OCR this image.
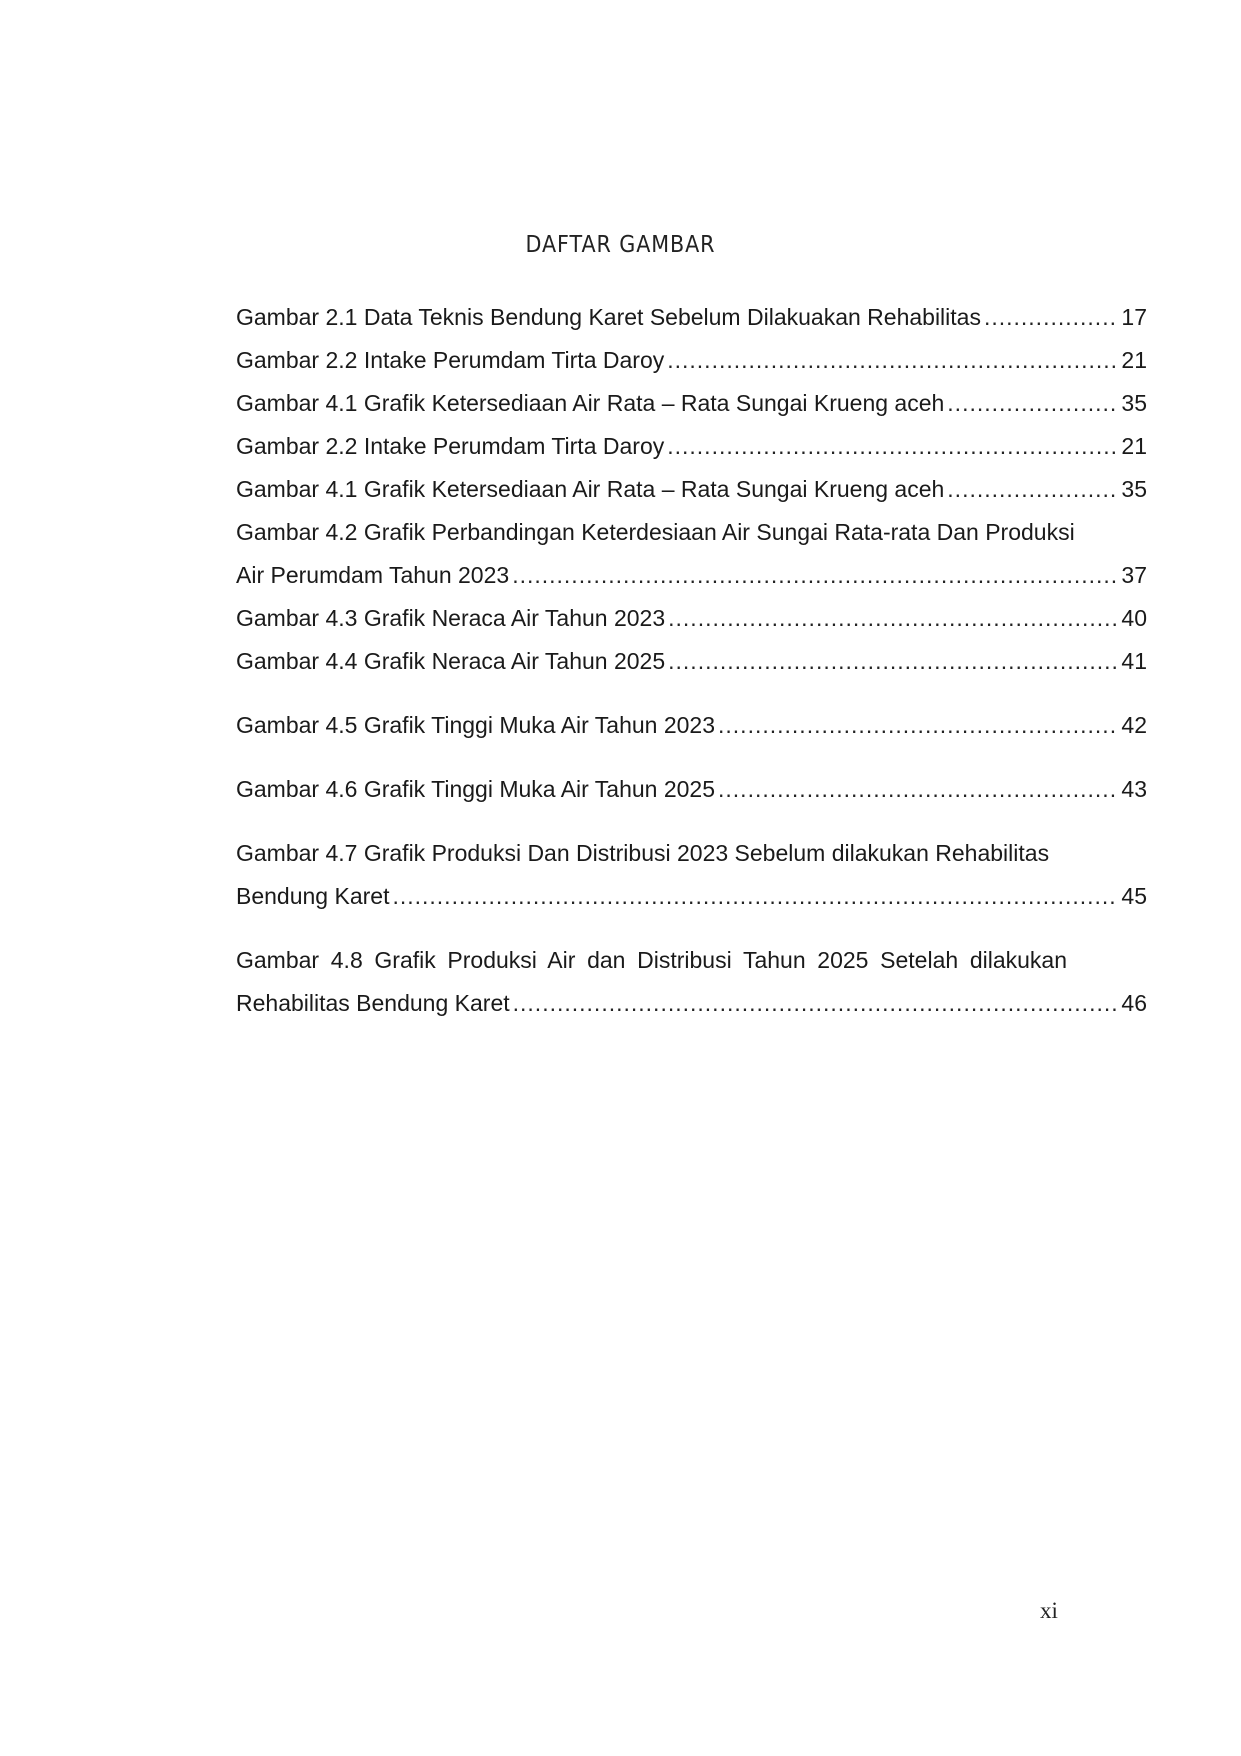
DAFTAR GAMBAR
Gambar 2.1 Data Teknis Bendung Karet Sebelum Dilakuakan Rehabilitas .....	17
Gambar 2.2 Intake Perumdam Tirta Daroy .....	21
Gambar 4.1 Grafik Ketersediaan Air Rata – Rata Sungai Krueng aceh .....	35
Gambar 2.2 Intake Perumdam Tirta Daroy .....	21
Gambar 4.1 Grafik Ketersediaan Air Rata – Rata Sungai Krueng aceh .....	35
Gambar 4.2 Grafik Perbandingan Keterdesiaan Air Sungai Rata-rata Dan Produksi
Air Perumdam Tahun 2023 .....	37
Gambar 4.3 Grafik Neraca Air Tahun 2023 .....	40
Gambar 4.4 Grafik Neraca Air Tahun 2025 .....	41
Gambar 4.5 Grafik Tinggi Muka Air Tahun 2023 .....	42
Gambar 4.6 Grafik Tinggi Muka Air Tahun 2025 .....	43
Gambar 4.7 Grafik Produksi Dan Distribusi 2023 Sebelum dilakukan Rehabilitas
Bendung Karet .....	45
Gambar 4.8 Grafik Produksi Air dan Distribusi Tahun 2025 Setelah dilakukan
Rehabilitas Bendung Karet .....	46
xi
